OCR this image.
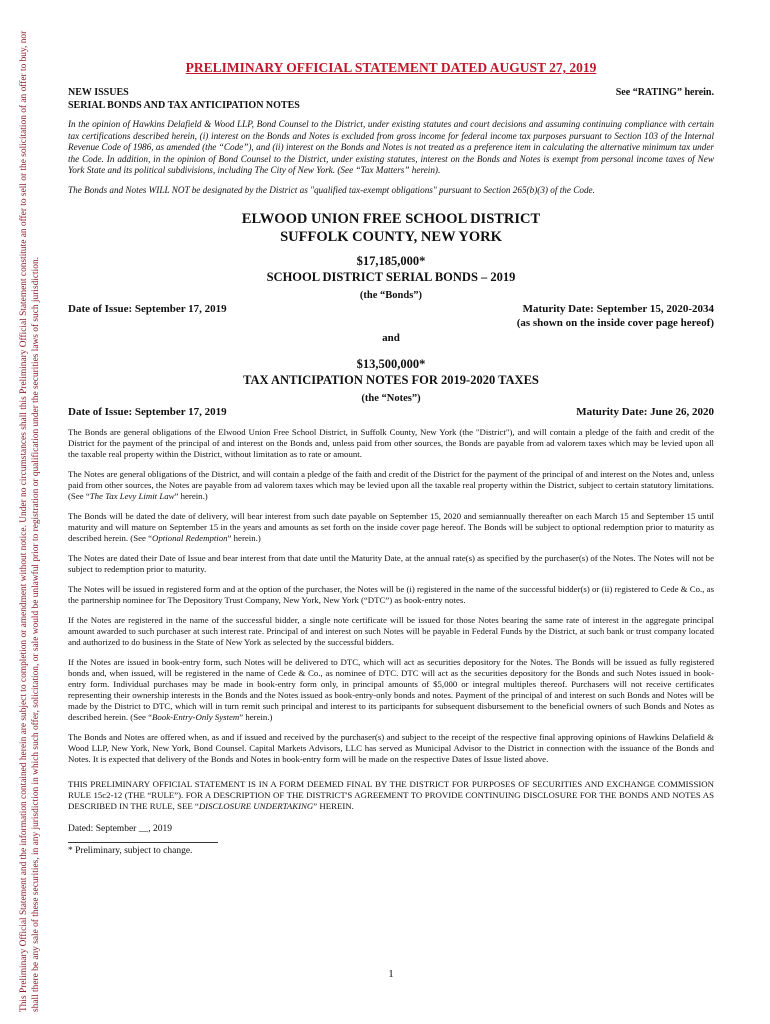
This Preliminary Official Statement and the information contained herein are subject to completion or amendment without notice. Under no circumstances shall this Preliminary Official Statement constitute an offer to sell or the solicitation of an offer to buy, nor shall there be any sale of these securities, in any jurisdiction in which such offer, solicitation, or sale would be unlawful prior to registration or qualification under the securities laws of such jurisdiction.
PRELIMINARY OFFICIAL STATEMENT DATED AUGUST 27, 2019
NEW ISSUES	See “RATING” herein.
SERIAL BONDS AND TAX ANTICIPATION NOTES
In the opinion of Hawkins Delafield & Wood LLP, Bond Counsel to the District, under existing statutes and court decisions and assuming continuing compliance with certain tax certifications described herein, (i) interest on the Bonds and Notes is excluded from gross income for federal income tax purposes pursuant to Section 103 of the Internal Revenue Code of 1986, as amended (the “Code”), and (ii) interest on the Bonds and Notes is not treated as a preference item in calculating the alternative minimum tax under the Code. In addition, in the opinion of Bond Counsel to the District, under existing statutes, interest on the Bonds and Notes is exempt from personal income taxes of New York State and its political subdivisions, including The City of New York. (See “Tax Matters” herein).
The Bonds and Notes WILL NOT be designated by the District as "qualified tax-exempt obligations" pursuant to Section 265(b)(3) of the Code.
ELWOOD UNION FREE SCHOOL DISTRICT
SUFFOLK COUNTY, NEW YORK
$17,185,000*
SCHOOL DISTRICT SERIAL BONDS – 2019
(the “Bonds”)
Date of Issue: September 17, 2019	Maturity Date: September 15, 2020-2034
(as shown on the inside cover page hereof)
and
$13,500,000*
TAX ANTICIPATION NOTES FOR 2019-2020 TAXES
(the “Notes”)
Date of Issue: September 17, 2019	Maturity Date: June 26, 2020
The Bonds are general obligations of the Elwood Union Free School District, in Suffolk County, New York (the "District"), and will contain a pledge of the faith and credit of the District for the payment of the principal of and interest on the Bonds and, unless paid from other sources, the Bonds are payable from ad valorem taxes which may be levied upon all the taxable real property within the District, without limitation as to rate or amount.
The Notes are general obligations of the District, and will contain a pledge of the faith and credit of the District for the payment of the principal of and interest on the Notes and, unless paid from other sources, the Notes are payable from ad valorem taxes which may be levied upon all the taxable real property within the District, subject to certain statutory limitations. (See “The Tax Levy Limit Law” herein.)
The Bonds will be dated the date of delivery, will bear interest from such date payable on September 15, 2020 and semiannually thereafter on each March 15 and September 15 until maturity and will mature on September 15 in the years and amounts as set forth on the inside cover page hereof. The Bonds will be subject to optional redemption prior to maturity as described herein. (See “Optional Redemption” herein.)
The Notes are dated their Date of Issue and bear interest from that date until the Maturity Date, at the annual rate(s) as specified by the purchaser(s) of the Notes. The Notes will not be subject to redemption prior to maturity.
The Notes will be issued in registered form and at the option of the purchaser, the Notes will be (i) registered in the name of the successful bidder(s) or (ii) registered to Cede & Co., as the partnership nominee for The Depository Trust Company, New York, New York (“DTC”) as book-entry notes.
If the Notes are registered in the name of the successful bidder, a single note certificate will be issued for those Notes bearing the same rate of interest in the aggregate principal amount awarded to such purchaser at such interest rate. Principal of and interest on such Notes will be payable in Federal Funds by the District, at such bank or trust company located and authorized to do business in the State of New York as selected by the successful bidders.
If the Notes are issued in book-entry form, such Notes will be delivered to DTC, which will act as securities depository for the Notes. The Bonds will be issued as fully registered bonds and, when issued, will be registered in the name of Cede & Co., as nominee of DTC. DTC will act as the securities depository for the Bonds and such Notes issued in book-entry form. Individual purchases may be made in book-entry form only, in principal amounts of $5,000 or integral multiples thereof. Purchasers will not receive certificates representing their ownership interests in the Bonds and the Notes issued as book-entry-only bonds and notes. Payment of the principal of and interest on such Bonds and Notes will be made by the District to DTC, which will in turn remit such principal and interest to its participants for subsequent disbursement to the beneficial owners of such Bonds and Notes as described herein. (See “Book-Entry-Only System” herein.)
The Bonds and Notes are offered when, as and if issued and received by the purchaser(s) and subject to the receipt of the respective final approving opinions of Hawkins Delafield & Wood LLP, New York, New York, Bond Counsel. Capital Markets Advisors, LLC has served as Municipal Advisor to the District in connection with the issuance of the Bonds and Notes. It is expected that delivery of the Bonds and Notes in book-entry form will be made on the respective Dates of Issue listed above.
THIS PRELIMINARY OFFICIAL STATEMENT IS IN A FORM DEEMED FINAL BY THE DISTRICT FOR PURPOSES OF SECURITIES AND EXCHANGE COMMISSION RULE 15c2-12 (THE “RULE”). FOR A DESCRIPTION OF THE DISTRICT'S AGREEMENT TO PROVIDE CONTINUING DISCLOSURE FOR THE BONDS AND NOTES AS DESCRIBED IN THE RULE, SEE “DISCLOSURE UNDERTAKING” HEREIN.
Dated: September __, 2019
* Preliminary, subject to change.
1
